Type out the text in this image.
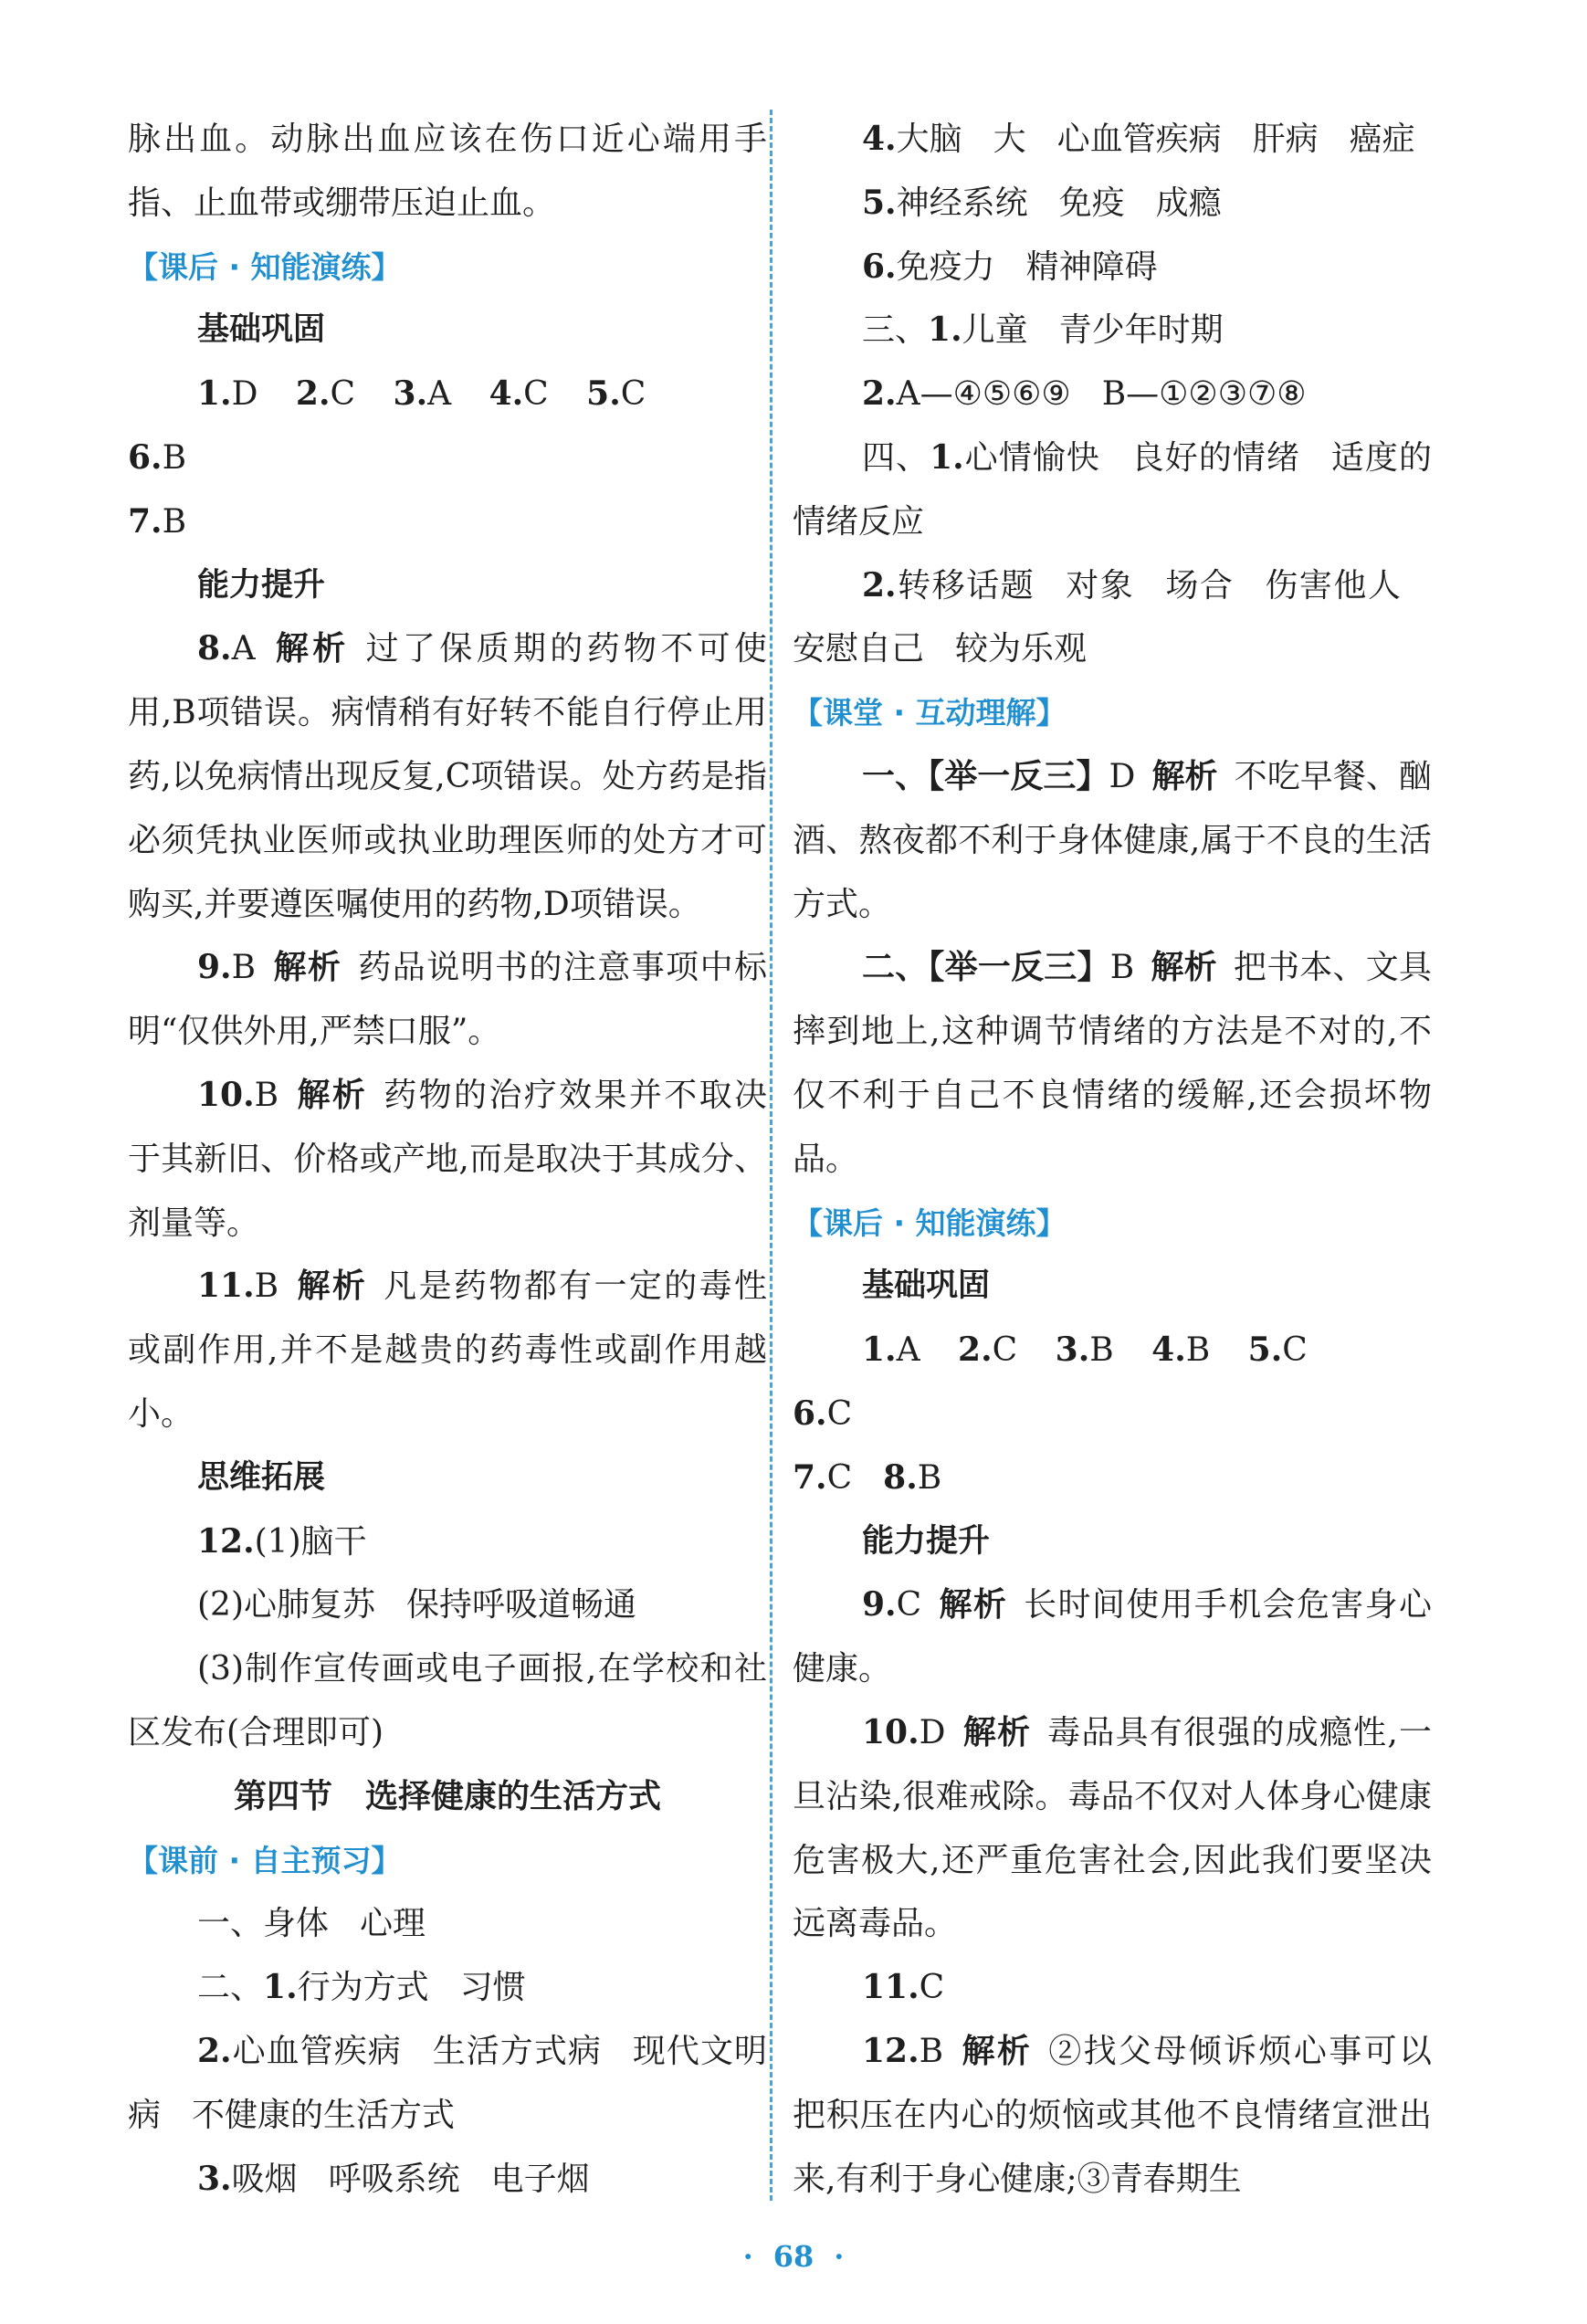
脉出血。动脉出血应该在伤口近心端用手指、止血带或绷带压迫止血。

【课后 · 知能演练】

基础巩固

1.D 2.C 3.A 4.C 5.C 6.B

7.B

能力提升

8.A 解析 过了保质期的药物不可使用,B项错误。病情稍有好转不能自行停止用药,以免病情出现反复,C项错误。处方药是指必须凭执业医师或执业助理医师的处方才可购买,并要遵医嘱使用的药物,D项错误。

9.B 解析 药品说明书的注意事项中标明“仅供外用,严禁口服”。

10.B 解析 药物的治疗效果并不取决于其新旧、价格或产地,而是取决于其成分、剂量等。

11.B 解析 凡是药物都有一定的毒性或副作用,并不是越贵的药毒性或副作用越小。

思维拓展

12.(1)脑干

(2)心肺复苏 保持呼吸道畅通

(3)制作宣传画或电子画报,在学校和社区发布(合理即可)

第四节　选择健康的生活方式

【课前 · 自主预习】

一、身体 心理

二、1.行为方式 习惯

2.心血管疾病 生活方式病 现代文明病 不健康的生活方式

3.吸烟 呼吸系统 电子烟

4.大脑 大 心血管疾病 肝病 癌症

5.神经系统 免疫 成瘾

6.免疫力 精神障碍

三、1.儿童 青少年时期

2.A—④⑤⑥⑨ B—①②③⑦⑧

四、1.心情愉快 良好的情绪 适度的情绪反应

2.转移话题 对象 场合 伤害他人安慰自己 较为乐观

【课堂 · 互动理解】

一、【举一反三】D 解析 不吃早餐、酗酒、熬夜都不利于身体健康,属于不良的生活方式。

二、【举一反三】B 解析 把书本、文具摔到地上,这种调节情绪的方法是不对的,不仅不利于自己不良情绪的缓解,还会损坏物品。

【课后 · 知能演练】

基础巩固

1.A 2.C 3.B 4.B 5.C 6.C

7.C 8.B

能力提升

9.C 解析 长时间使用手机会危害身心健康。

10.D 解析 毒品具有很强的成瘾性,一旦沾染,很难戒除。毒品不仅对人体身心健康危害极大,还严重危害社会,因此我们要坚决远离毒品。

11.C

12.B 解析 ②找父母倾诉烦心事可以把积压在内心的烦恼或其他不良情绪宣泄出来,有利于身心健康;③青春期生

· 68 ·
